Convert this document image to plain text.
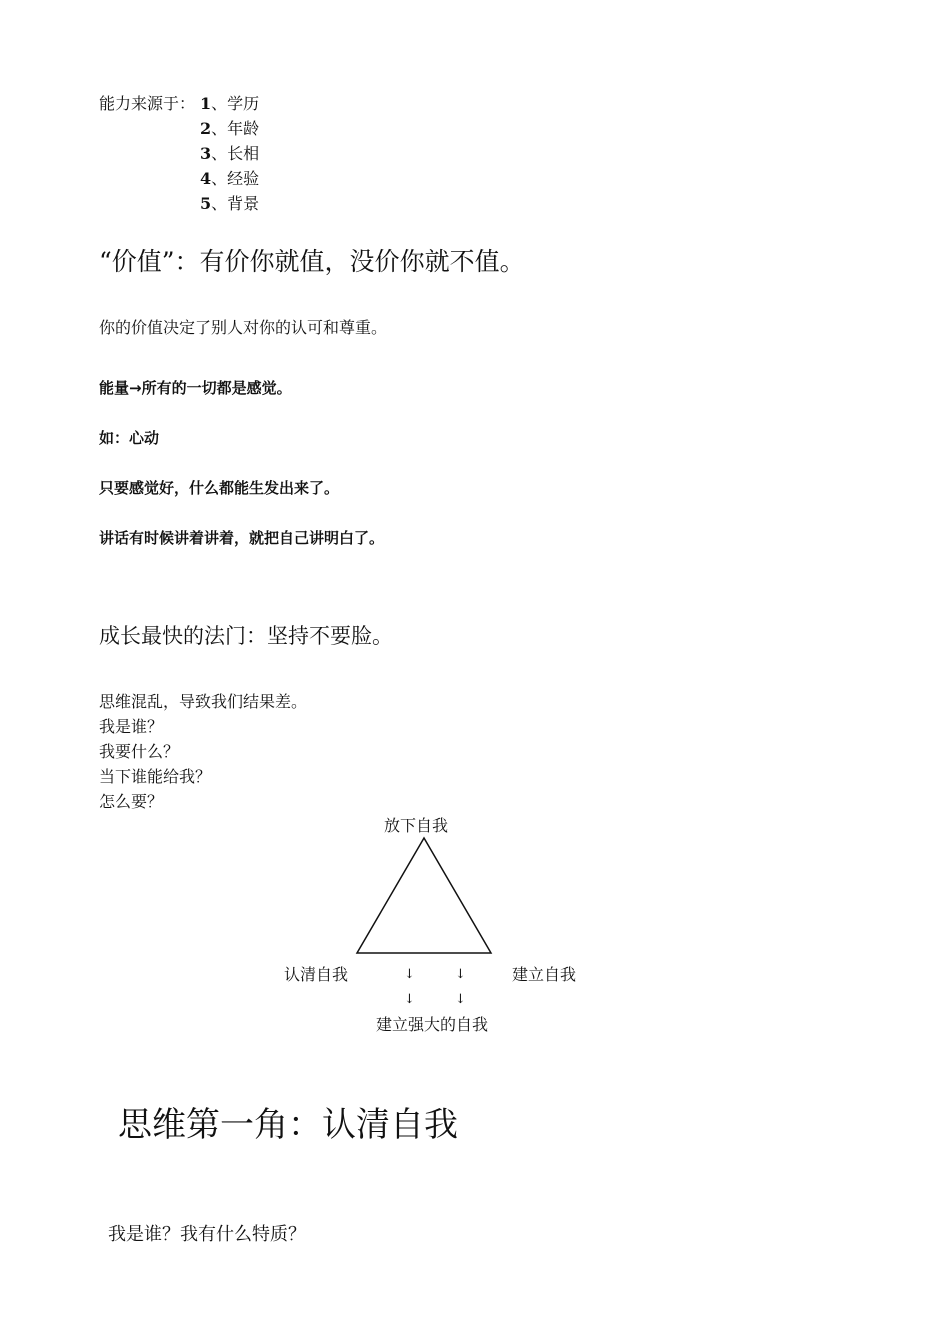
能力来源于： 1 、学历
2 、年龄
3 、长相
4 、经验
5 、背景
“价值”：有价你就值，没价你就不值。
你的价值决定了别人对你的认可和尊重。
能量→所有的一切都是感觉。
如：心动
只要感觉好，什么都能生发出来了。
讲话有时候讲着讲着，就把自己讲明白了。
成长最快的法门：坚持不要脸。
思维混乱，导致我们结果差。
我是谁？
我要什么？
当下谁能给我？
怎么要？
放下自我
认清自我	建立自我
↓	↓
↓	↓
建立强大的自我
思维第一角：认清自我
我是谁？我有什么特质？
